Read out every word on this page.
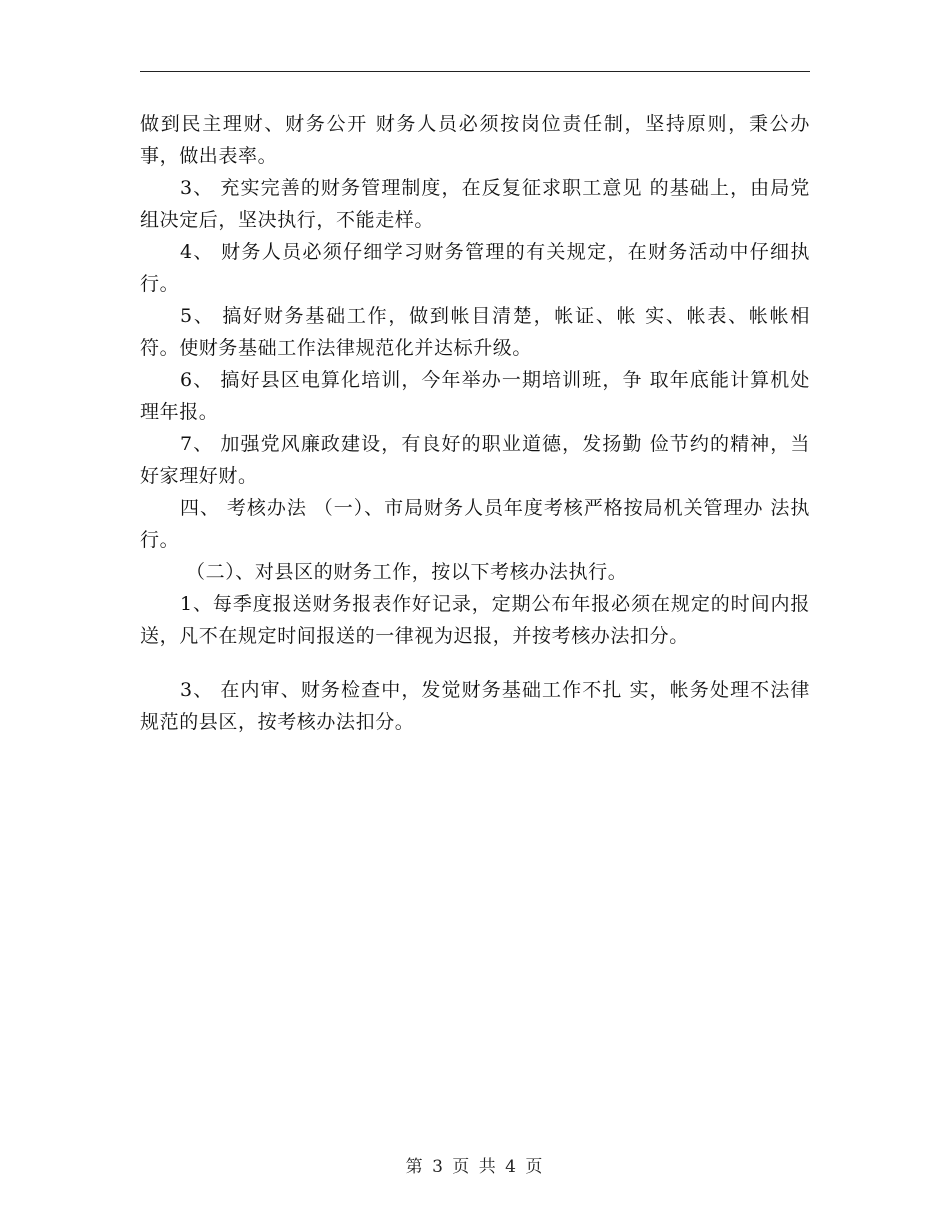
做到民主理财、财务公开 财务人员必须按岗位责任制，坚持原则，秉公办事，做出表率。

3、 充实完善的财务管理制度，在反复征求职工意见 的基础上，由局党组决定后，坚决执行，不能走样。

4、 财务人员必须仔细学习财务管理的有关规定，在财务活动中仔细执行。

5、 搞好财务基础工作，做到帐目清楚，帐证、帐 实、帐表、帐帐相符。使财务基础工作法律规范化并达标升级。

6、 搞好县区电算化培训，今年举办一期培训班，争 取年底能计算机处理年报。

7、 加强党风廉政建设，有良好的职业道德，发扬勤 俭节约的精神，当好家理好财。

四、 考核办法 （一）、市局财务人员年度考核严格按局机关管理办 法执行。

（二）、对县区的财务工作，按以下考核办法执行。

1、每季度报送财务报表作好记录，定期公布年报必须在规定的时间内报送，凡不在规定时间报送的一律视为迟报，并按考核办法扣分。

3、 在内审、财务检查中，发觉财务基础工作不扎 实，帐务处理不法律规范的县区，按考核办法扣分。

第 3 页 共 4 页
